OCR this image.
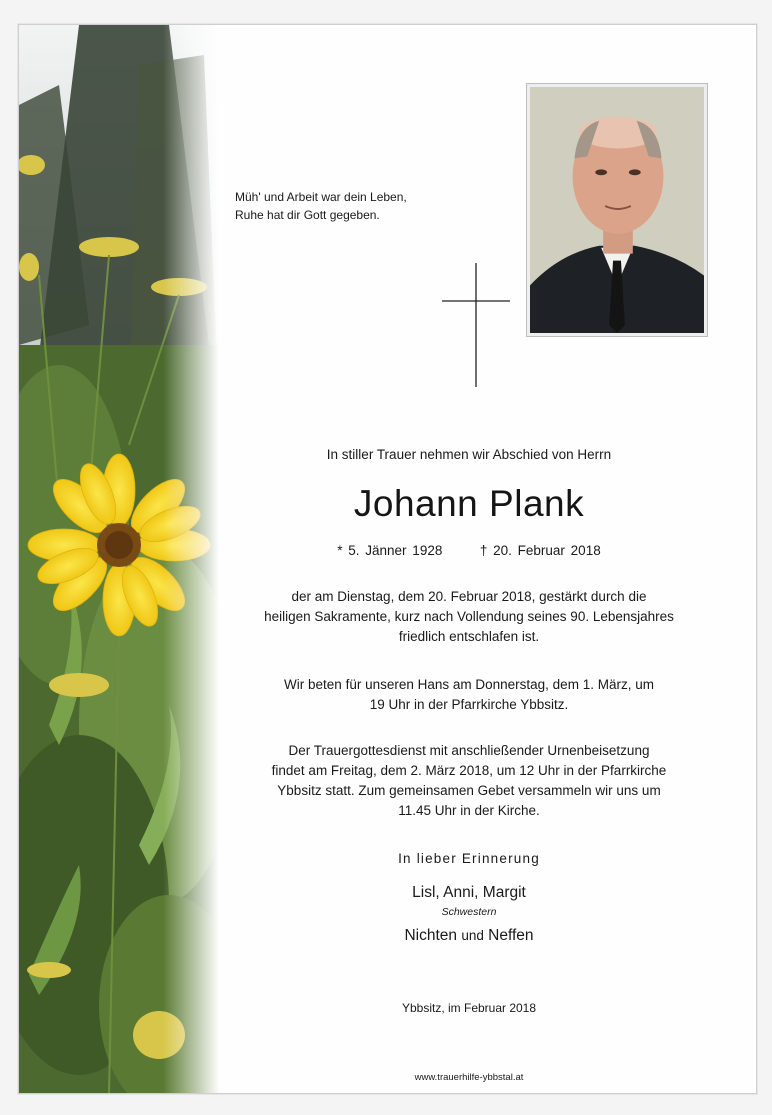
Müh' und Arbeit war dein Leben,
Ruhe hat dir Gott gegeben.
In stiller Trauer nehmen wir Abschied von Herrn
Johann Plank
* 5. Jänner 1928	† 20. Februar 2018
der am Dienstag, dem 20. Februar 2018, gestärkt durch die
heiligen Sakramente, kurz nach Vollendung seines 90. Lebensjahres
friedlich entschlafen ist.
Wir beten für unseren Hans am Donnerstag, dem 1. März, um
19 Uhr in der Pfarrkirche Ybbsitz.
Der Trauergottesdienst mit anschließender Urnenbeisetzung
findet am Freitag, dem 2. März 2018, um 12 Uhr in der Pfarrkirche
Ybbsitz statt. Zum gemeinsamen Gebet versammeln wir uns um
11.45 Uhr in der Kirche.
In lieber Erinnerung
Lisl, Anni, Margit
Schwestern
Nichten und Neffen
Ybbsitz, im Februar 2018
www.trauerhilfe-ybbstal.at
